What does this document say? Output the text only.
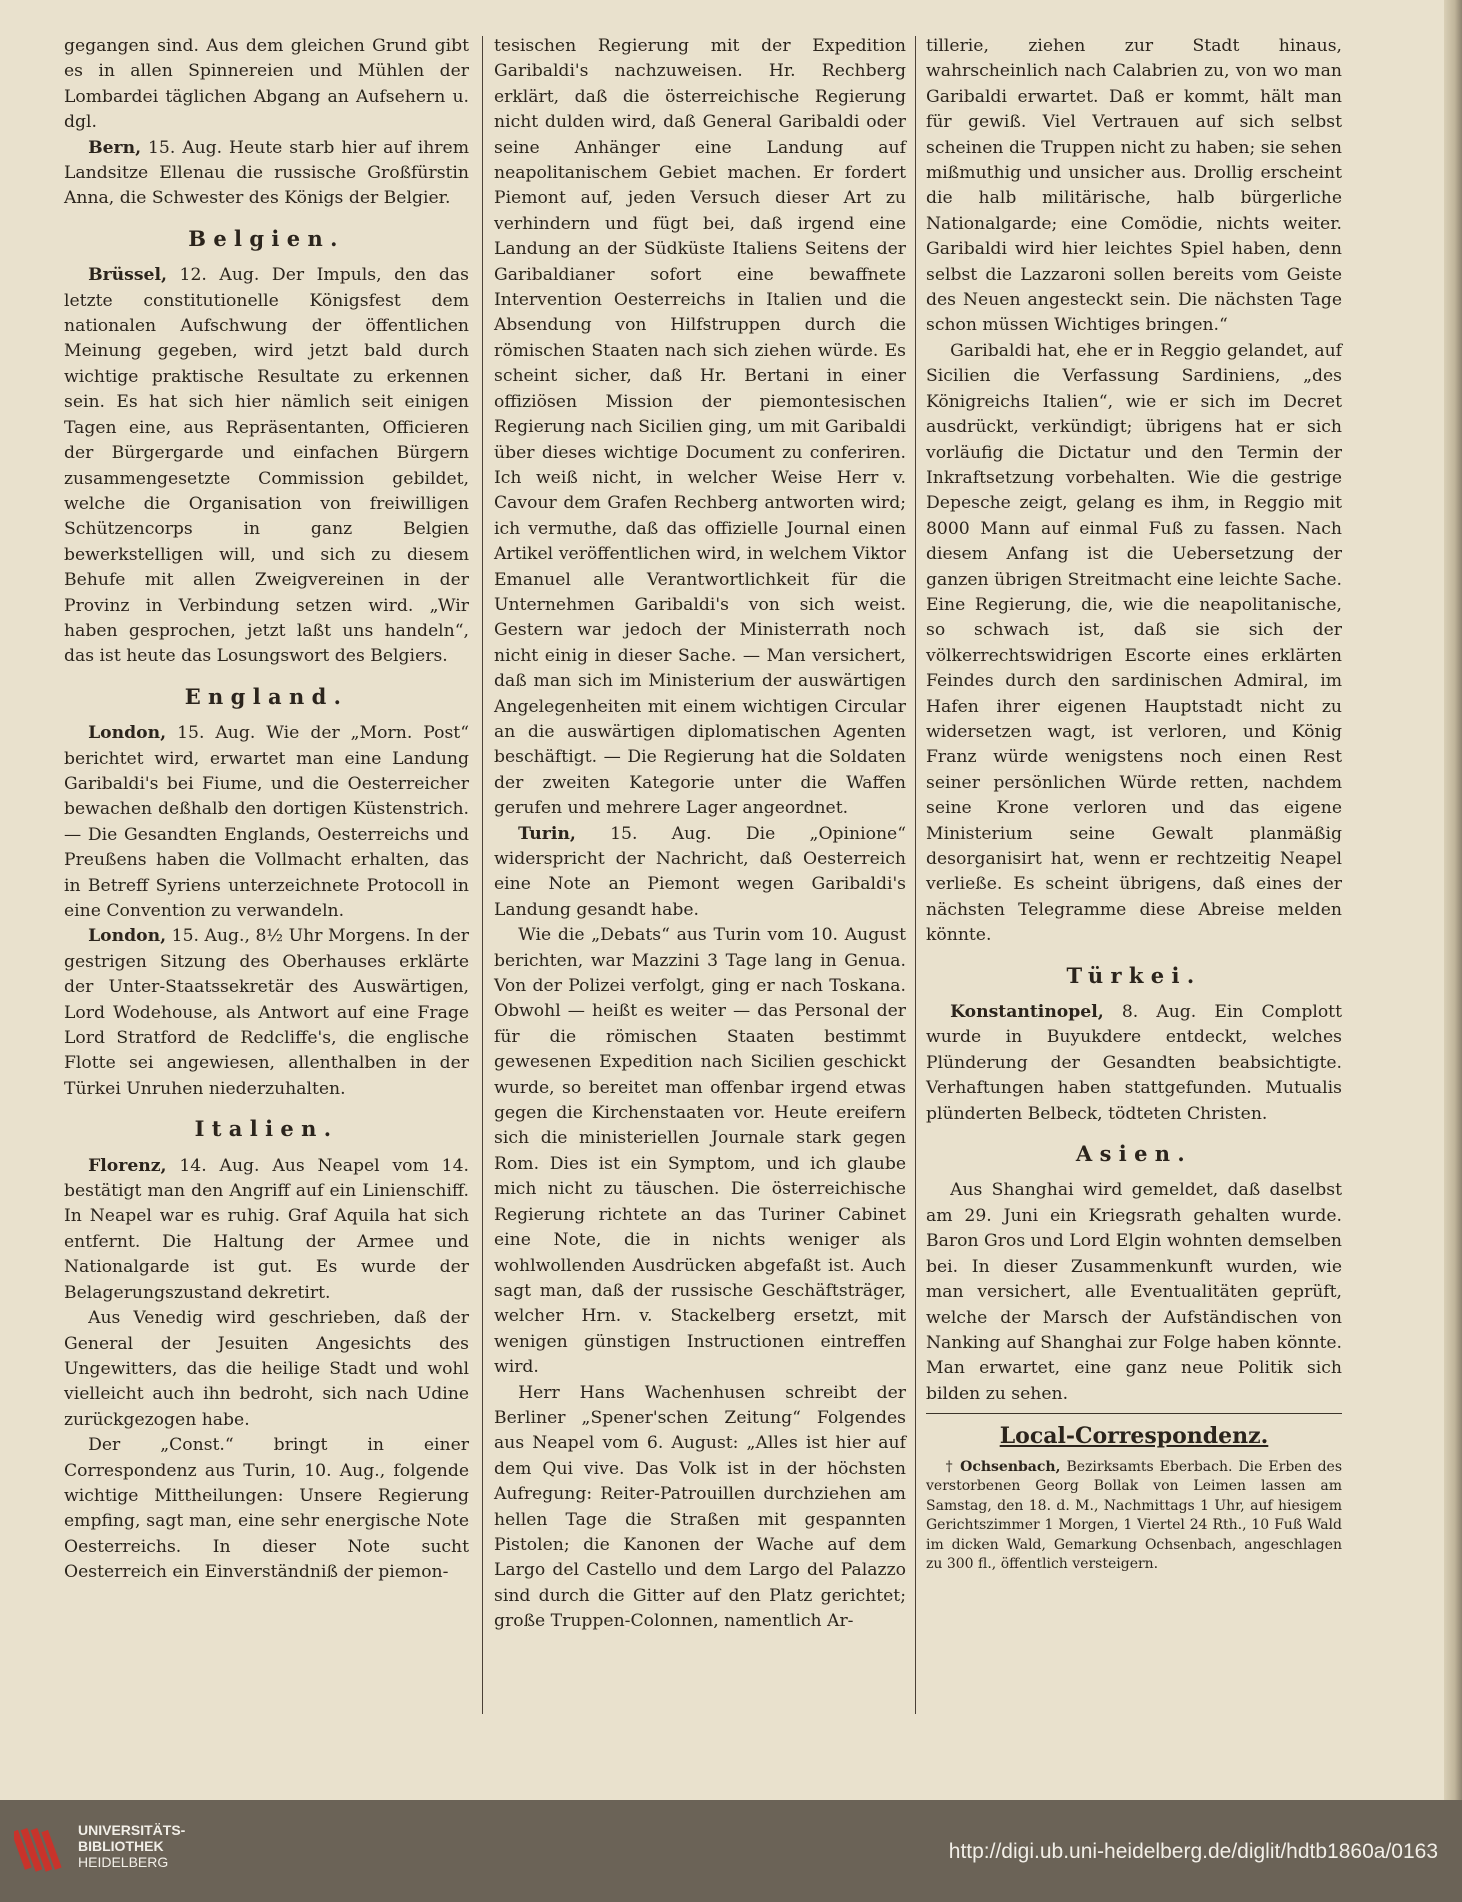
gegangen sind. Aus dem gleichen Grund gibt es in allen Spinnereien und Mühlen der Lombardei täglichen Abgang an Aufsehern u. dgl.

Bern, 15. Aug. Heute starb hier auf ihrem Landsitze Ellenau die russische Großfürstin Anna, die Schwester des Königs der Belgier.

Belgien.

Brüssel, 12. Aug. Der Impuls, den das letzte constitutionelle Königsfest dem nationalen Aufschwung der öffentlichen Meinung gegeben, wird jetzt bald durch wichtige praktische Resultate zu erkennen sein. Es hat sich hier nämlich seit einigen Tagen eine, aus Repräsentanten, Officieren der Bürgergarde und einfachen Bürgern zusammengesetzte Commission gebildet, welche die Organisation von freiwilligen Schützencorps in ganz Belgien bewerkstelligen will, und sich zu diesem Behufe mit allen Zweigvereinen in der Provinz in Verbindung setzen wird. „Wir haben gesprochen, jetzt laßt uns handeln“, das ist heute das Losungswort des Belgiers.

England.

London, 15. Aug. Wie der „Morn. Post“ berichtet wird, erwartet man eine Landung Garibaldi's bei Fiume, und die Oesterreicher bewachen deßhalb den dortigen Küstenstrich. — Die Gesandten Englands, Oesterreichs und Preußens haben die Vollmacht erhalten, das in Betreff Syriens unterzeichnete Protocoll in eine Convention zu verwandeln.

London, 15. Aug., 8½ Uhr Morgens. In der gestrigen Sitzung des Oberhauses erklärte der Unter-Staatssekretär des Auswärtigen, Lord Wodehouse, als Antwort auf eine Frage Lord Stratford de Redcliffe's, die englische Flotte sei angewiesen, allenthalben in der Türkei Unruhen niederzuhalten.

Italien.

Florenz, 14. Aug. Aus Neapel vom 14. bestätigt man den Angriff auf ein Linienschiff. In Neapel war es ruhig. Graf Aquila hat sich entfernt. Die Haltung der Armee und Nationalgarde ist gut. Es wurde der Belagerungszustand dekretirt.

Aus Venedig wird geschrieben, daß der General der Jesuiten Angesichts des Ungewitters, das die heilige Stadt und wohl vielleicht auch ihn bedroht, sich nach Udine zurückgezogen habe.

Der „Const.“ bringt in einer Correspondenz aus Turin, 10. Aug., folgende wichtige Mittheilungen: Unsere Regierung empfing, sagt man, eine sehr energische Note Oesterreichs. In dieser Note sucht Oesterreich ein Einverständniß der piemon-

tesischen Regierung mit der Expedition Garibaldi's nachzuweisen. Hr. Rechberg erklärt, daß die österreichische Regierung nicht dulden wird, daß General Garibaldi oder seine Anhänger eine Landung auf neapolitanischem Gebiet machen. Er fordert Piemont auf, jeden Versuch dieser Art zu verhindern und fügt bei, daß irgend eine Landung an der Südküste Italiens Seitens der Garibaldianer sofort eine bewaffnete Intervention Oesterreichs in Italien und die Absendung von Hilfstruppen durch die römischen Staaten nach sich ziehen würde. Es scheint sicher, daß Hr. Bertani in einer offiziösen Mission der piemontesischen Regierung nach Sicilien ging, um mit Garibaldi über dieses wichtige Document zu conferiren. Ich weiß nicht, in welcher Weise Herr v. Cavour dem Grafen Rechberg antworten wird; ich vermuthe, daß das offizielle Journal einen Artikel veröffentlichen wird, in welchem Viktor Emanuel alle Verantwortlichkeit für die Unternehmen Garibaldi's von sich weist. Gestern war jedoch der Ministerrath noch nicht einig in dieser Sache. — Man versichert, daß man sich im Ministerium der auswärtigen Angelegenheiten mit einem wichtigen Circular an die auswärtigen diplomatischen Agenten beschäftigt. — Die Regierung hat die Soldaten der zweiten Kategorie unter die Waffen gerufen und mehrere Lager angeordnet.

Turin, 15. Aug. Die „Opinione“ widerspricht der Nachricht, daß Oesterreich eine Note an Piemont wegen Garibaldi's Landung gesandt habe.

Wie die „Debats“ aus Turin vom 10. August berichten, war Mazzini 3 Tage lang in Genua. Von der Polizei verfolgt, ging er nach Toskana. Obwohl — heißt es weiter — das Personal der für die römischen Staaten bestimmt gewesenen Expedition nach Sicilien geschickt wurde, so bereitet man offenbar irgend etwas gegen die Kirchenstaaten vor. Heute ereifern sich die ministeriellen Journale stark gegen Rom. Dies ist ein Symptom, und ich glaube mich nicht zu täuschen. Die österreichische Regierung richtete an das Turiner Cabinet eine Note, die in nichts weniger als wohlwollenden Ausdrücken abgefaßt ist. Auch sagt man, daß der russische Geschäftsträger, welcher Hrn. v. Stackelberg ersetzt, mit wenigen günstigen Instructionen eintreffen wird.

Herr Hans Wachenhusen schreibt der Berliner „Spener'schen Zeitung“ Folgendes aus Neapel vom 6. August: „Alles ist hier auf dem Qui vive. Das Volk ist in der höchsten Aufregung: Reiter-Patrouillen durchziehen am hellen Tage die Straßen mit gespannten Pistolen; die Kanonen der Wache auf dem Largo del Castello und dem Largo del Palazzo sind durch die Gitter auf den Platz gerichtet; große Truppen-Colonnen, namentlich Ar-

tillerie, ziehen zur Stadt hinaus, wahrscheinlich nach Calabrien zu, von wo man Garibaldi erwartet. Daß er kommt, hält man für gewiß. Viel Vertrauen auf sich selbst scheinen die Truppen nicht zu haben; sie sehen mißmuthig und unsicher aus. Drollig erscheint die halb militärische, halb bürgerliche Nationalgarde; eine Comödie, nichts weiter. Garibaldi wird hier leichtes Spiel haben, denn selbst die Lazzaroni sollen bereits vom Geiste des Neuen angesteckt sein. Die nächsten Tage schon müssen Wichtiges bringen.“

Garibaldi hat, ehe er in Reggio gelandet, auf Sicilien die Verfassung Sardiniens, „des Königreichs Italien“, wie er sich im Decret ausdrückt, verkündigt; übrigens hat er sich vorläufig die Dictatur und den Termin der Inkraftsetzung vorbehalten. Wie die gestrige Depesche zeigt, gelang es ihm, in Reggio mit 8000 Mann auf einmal Fuß zu fassen. Nach diesem Anfang ist die Uebersetzung der ganzen übrigen Streitmacht eine leichte Sache. Eine Regierung, die, wie die neapolitanische, so schwach ist, daß sie sich der völkerrechtswidrigen Escorte eines erklärten Feindes durch den sardinischen Admiral, im Hafen ihrer eigenen Hauptstadt nicht zu widersetzen wagt, ist verloren, und König Franz würde wenigstens noch einen Rest seiner persönlichen Würde retten, nachdem seine Krone verloren und das eigene Ministerium seine Gewalt planmäßig desorganisirt hat, wenn er rechtzeitig Neapel verließe. Es scheint übrigens, daß eines der nächsten Telegramme diese Abreise melden könnte.

Türkei.

Konstantinopel, 8. Aug. Ein Complott wurde in Buyukdere entdeckt, welches Plünderung der Gesandten beabsichtigte. Verhaftungen haben stattgefunden. Mutualis plünderten Belbeck, tödteten Christen.

Asien.

Aus Shanghai wird gemeldet, daß daselbst am 29. Juni ein Kriegsrath gehalten wurde. Baron Gros und Lord Elgin wohnten demselben bei. In dieser Zusammenkunft wurden, wie man versichert, alle Eventualitäten geprüft, welche der Marsch der Aufständischen von Nanking auf Shanghai zur Folge haben könnte. Man erwartet, eine ganz neue Politik sich bilden zu sehen.

Local-Correspondenz.

† Ochsenbach, Bezirksamts Eberbach. Die Erben des verstorbenen Georg Bollak von Leimen lassen am Samstag, den 18. d. M., Nachmittags 1 Uhr, auf hiesigem Gerichtszimmer 1 Morgen, 1 Viertel 24 Rth., 10 Fuß Wald im dicken Wald, Gemarkung Ochsenbach, angeschlagen zu 300 fl., öffentlich versteigern.

UNIVERSITÄTS-
BIBLIOTHEK
HEIDELBERG	http://digi.ub.uni-heidelberg.de/diglit/hdtb1860a/0163
